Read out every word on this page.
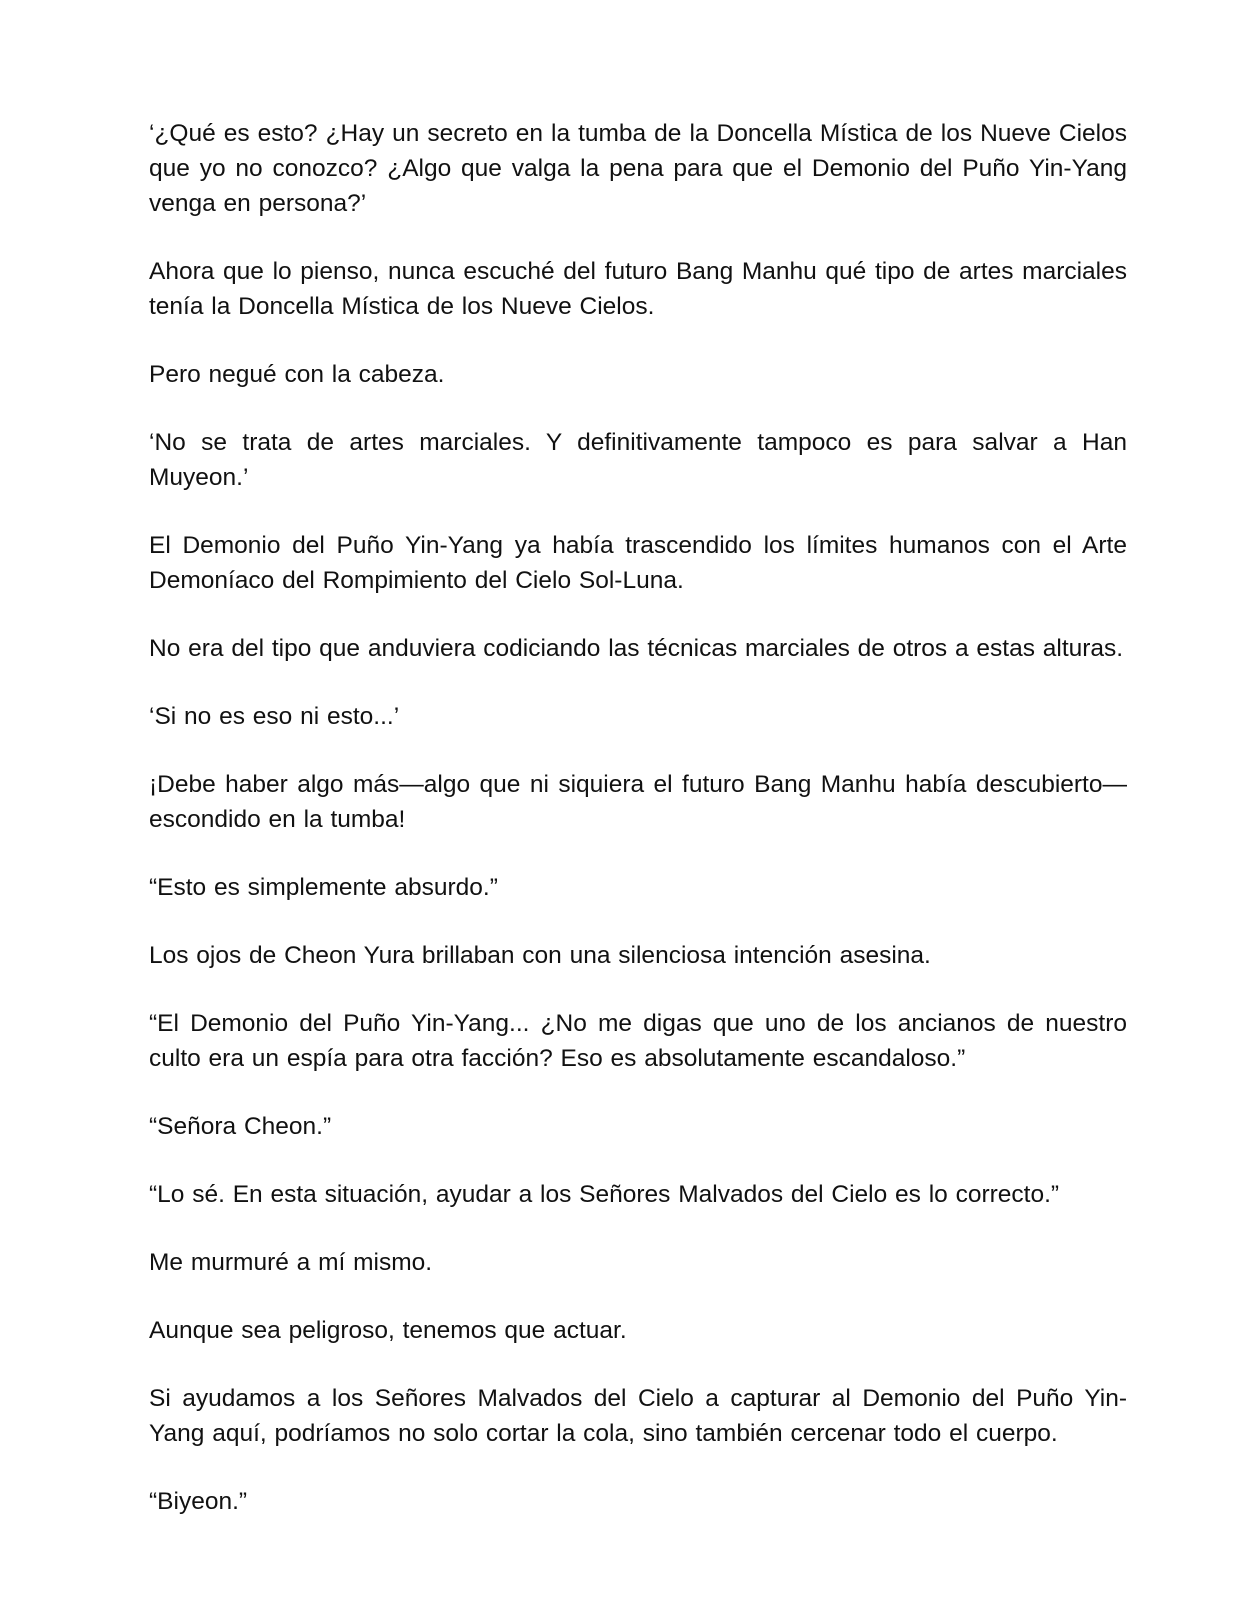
‘¿Qué es esto? ¿Hay un secreto en la tumba de la Doncella Mística de los Nueve Cielos que yo no conozco? ¿Algo que valga la pena para que el Demonio del Puño Yin-Yang venga en persona?’

Ahora que lo pienso, nunca escuché del futuro Bang Manhu qué tipo de artes marciales tenía la Doncella Mística de los Nueve Cielos.

Pero negué con la cabeza.

‘No se trata de artes marciales. Y definitivamente tampoco es para salvar a Han Muyeon.’

El Demonio del Puño Yin-Yang ya había trascendido los límites humanos con el Arte Demoníaco del Rompimiento del Cielo Sol-Luna.

No era del tipo que anduviera codiciando las técnicas marciales de otros a estas alturas.

‘Si no es eso ni esto...’

¡Debe haber algo más—algo que ni siquiera el futuro Bang Manhu había descubierto—escondido en la tumba!

“Esto es simplemente absurdo.”

Los ojos de Cheon Yura brillaban con una silenciosa intención asesina.

“El Demonio del Puño Yin-Yang... ¿No me digas que uno de los ancianos de nuestro culto era un espía para otra facción? Eso es absolutamente escandaloso.”

“Señora Cheon.”

“Lo sé. En esta situación, ayudar a los Señores Malvados del Cielo es lo correcto.”

Me murmuré a mí mismo.

Aunque sea peligroso, tenemos que actuar.

Si ayudamos a los Señores Malvados del Cielo a capturar al Demonio del Puño Yin-Yang aquí, podríamos no solo cortar la cola, sino también cercenar todo el cuerpo.

“Biyeon.”
